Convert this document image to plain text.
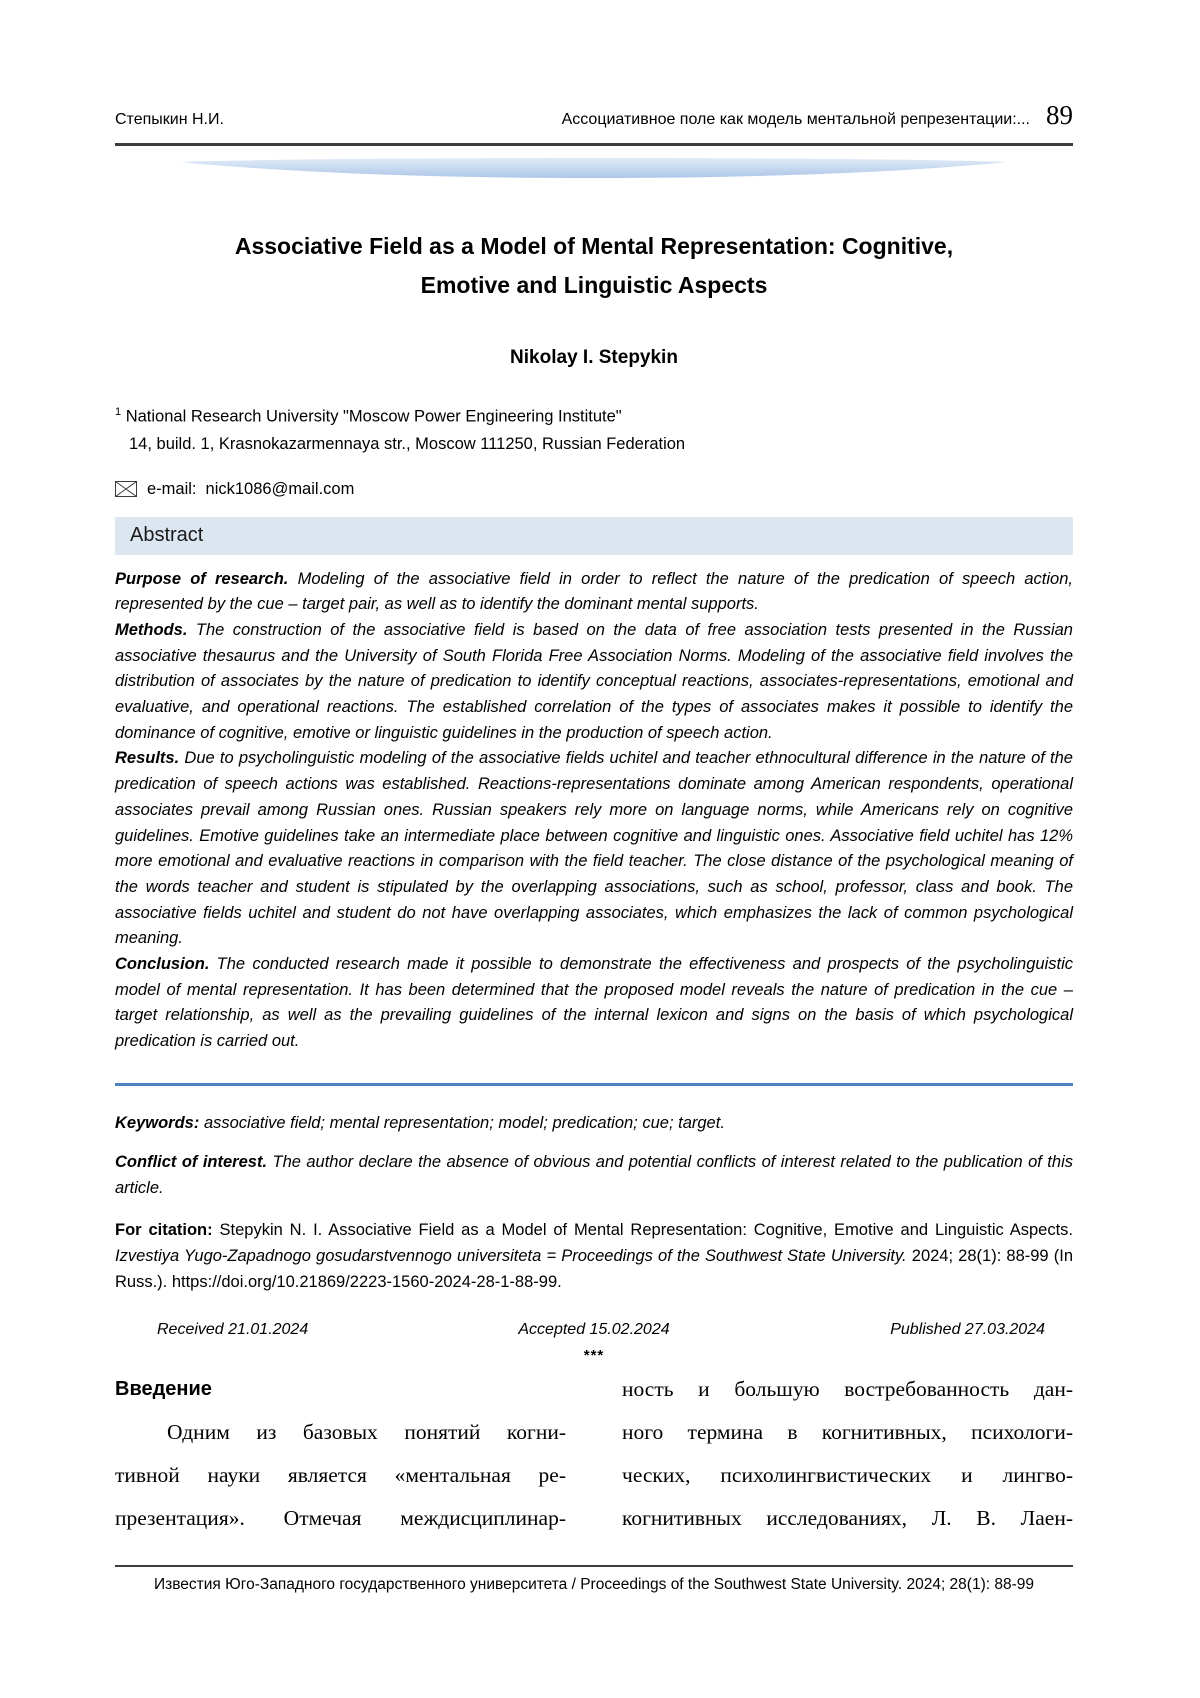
Степыкин Н.И.	Ассоциативное поле как модель ментальной репрезентации:... 89
Associative Field as a Model of Mental Representation: Cognitive,
Emotive and Linguistic Aspects
Nikolay I. Stepykin
$^1$ National Research University "Moscow Power Engineering Institute"
14, build. 1, Krasnokazarmennaya str., Moscow 111250, Russian Federation
e-mail: nick1086@mail.com
Abstract

Purpose of research. Modeling of the associative field in order to reflect the nature of the predication of speech action, represented by the cue – target pair, as well as to identify the dominant mental supports.

Methods. The construction of the associative field is based on the data of free association tests presented in the Russian associative thesaurus and the University of South Florida Free Association Norms. Modeling of the associative field involves the distribution of associates by the nature of predication to identify conceptual reactions, associates-representations, emotional and evaluative, and operational reactions. The established correlation of the types of associates makes it possible to identify the dominance of cognitive, emotive or linguistic guidelines in the production of speech action.

Results. Due to psycholinguistic modeling of the associative fields uchitel and teacher ethnocultural difference in the nature of the predication of speech actions was established. Reactions-representations dominate among American respondents, operational associates prevail among Russian ones. Russian speakers rely more on language norms, while Americans rely on cognitive guidelines. Emotive guidelines take an intermediate place between cognitive and linguistic ones. Associative field uchitel has 12% more emotional and evaluative reactions in comparison with the field teacher. The close distance of the psychological meaning of the words teacher and student is stipulated by the overlapping associations, such as school, professor, class and book. The associative fields uchitel and student do not have overlapping associates, which emphasizes the lack of common psychological meaning.

Conclusion. The conducted research made it possible to demonstrate the effectiveness and prospects of the psycholinguistic model of mental representation. It has been determined that the proposed model reveals the nature of predication in the cue – target relationship, as well as the prevailing guidelines of the internal lexicon and signs on the basis of which psychological predication is carried out.

Keywords: associative field; mental representation; model; predication; cue; target.
Conflict of interest. The author declare the absence of obvious and potential conflicts of interest related to the publication of this article.
For citation: Stepykin N. I. Associative Field as a Model of Mental Representation: Cognitive, Emotive and Linguistic Aspects. Izvestiya Yugo-Zapadnogo gosudarstvennogo universiteta = Proceedings of the Southwest State University. 2024; 28(1): 88-99 (In Russ.). https://doi.org/10.21869/2223-1560-2024-28-1-88-99.
Received 21.01.2024	Accepted 15.02.2024	Published 27.03.2024
***
Введение
Одним из базовых понятий когни-
тивной науки является «ментальная ре-
презентация». Отмечая междисциплинар-
ность и большую востребованность дан-
ного термина в когнитивных, психологи-
ческих, психолингвистических и лингво-
когнитивных исследованиях, Л. В. Лаен-
Известия Юго-Западного государственного университета / Proceedings of the Southwest State University. 2024; 28(1): 88-99
